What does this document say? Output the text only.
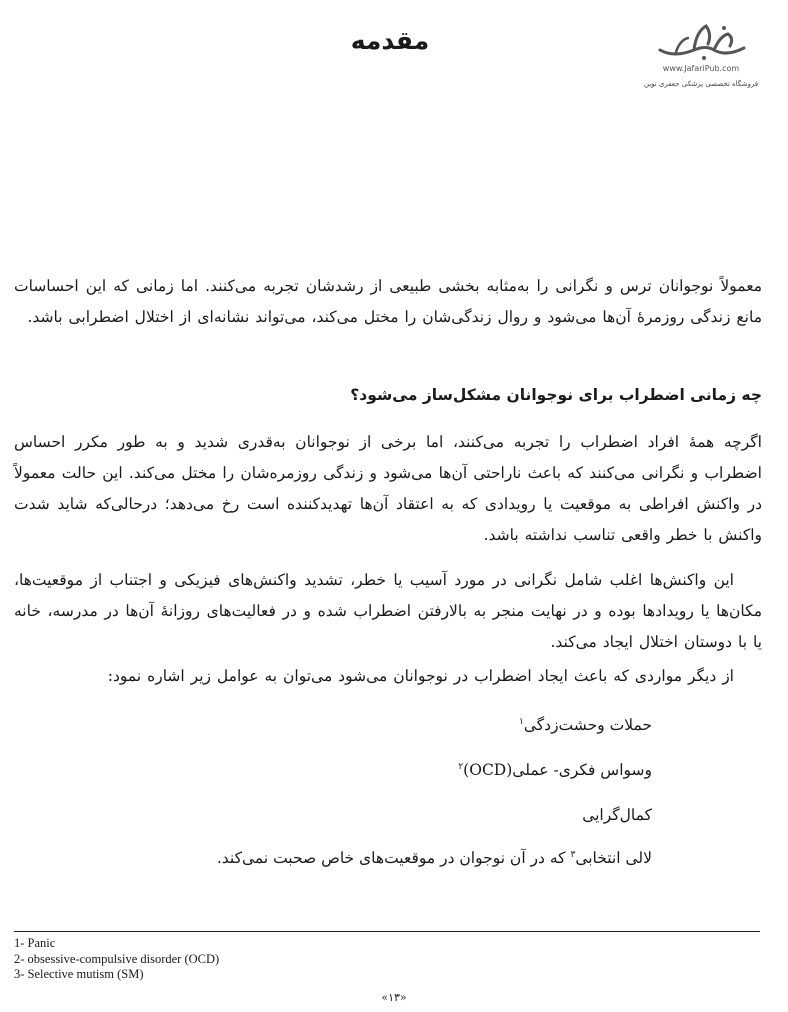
مقدمه
www.JafariPub.com
فروشگاه تخصصی پزشکی جعفری نوین

معمولاً نوجوانان ترس و نگرانی را به‌مثابه بخشی طبیعی از رشدشان تجربه می‌کنند. اما زمانی که این احساسات مانع زندگی روزمرهٔ آن‌ها می‌شود و روال زندگی‌شان را مختل می‌کند، می‌تواند نشانه‌ای از اختلال اضطرابی باشد.

چه زمانی اضطراب برای نوجوانان مشکل‌ساز می‌شود؟

اگرچه همهٔ افراد اضطراب را تجربه می‌کنند، اما برخی از نوجوانان به‌قدری شدید و به طور مکرر احساس اضطراب و نگرانی می‌کنند که باعث ناراحتی آن‌ها می‌شود و زندگی روزمره‌شان را مختل می‌کند. این حالت معمولاً در واکنش افراطی به موقعیت یا رویدادی که به اعتقاد آن‌ها تهدیدکننده است رخ می‌دهد؛ درحالی‌که شاید شدت واکنش با خطر واقعی تناسب نداشته باشد.

این واکنش‌ها اغلب شامل نگرانی در مورد آسیب یا خطر، تشدید واکنش‌های فیزیکی و اجتناب از موقعیت‌ها، مکان‌ها یا رویدادها بوده و در نهایت منجر به بالارفتن اضطراب شده و در فعالیت‌های روزانهٔ آن‌ها در مدرسه، خانه یا با دوستان اختلال ایجاد می‌کند.

از دیگر مواردی که باعث ایجاد اضطراب در نوجوانان می‌شود می‌توان به عوامل زیر اشاره نمود:

حملات وحشت‌زدگی$^۱$
وسواس فکری- عملی(OCD)$^۲$
کمال‌گرایی
لالی انتخابی$^۳$ که در آن نوجوان در موقعیت‌های خاص صحبت نمی‌کند.
1- Panic
2- obsessive-compulsive disorder (OCD)
3- Selective mutism (SM)
«۱۳»
